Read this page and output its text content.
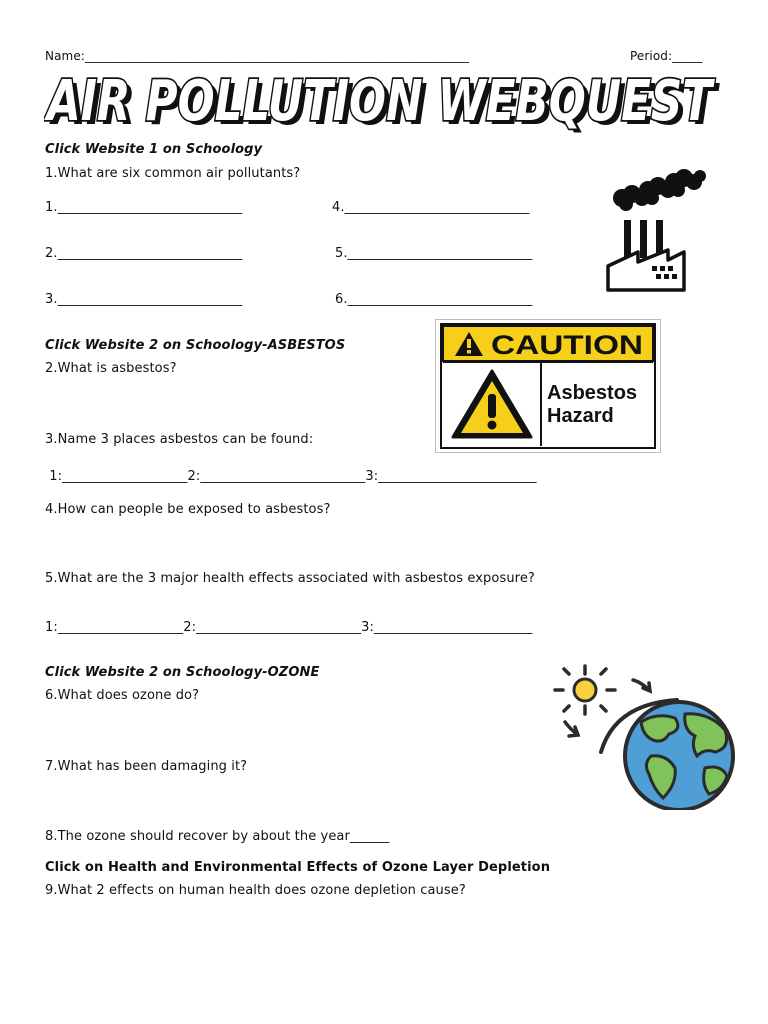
Name:_______________________________________________________________	Period:_____
AIR POLLUTION WEBQUEST
AIR POLLUTION WEBQUEST
Click Website 1 on Schoology
1.What are six common air pollutants?
1.____________________________	4.____________________________
2.____________________________	5.____________________________
3.____________________________	6.____________________________
Click Website 2 on Schoology-ASBESTOS
2.What is asbestos?
3.Name 3 places asbestos can be found:
1:___________________2:_________________________3:________________________
4.How can people be exposed to asbestos?
5.What are the 3 major health effects associated with asbestos exposure?
1:___________________2:_________________________3:________________________
CAUTION
Asbestos
Hazard
Click Website 2 on Schoology-OZONE
6.What does ozone do?
7.What has been damaging it?
8.The ozone should recover by about the year______
Click on Health and Environmental Effects of Ozone Layer Depletion
9.What 2 effects on human health does ozone depletion cause?
